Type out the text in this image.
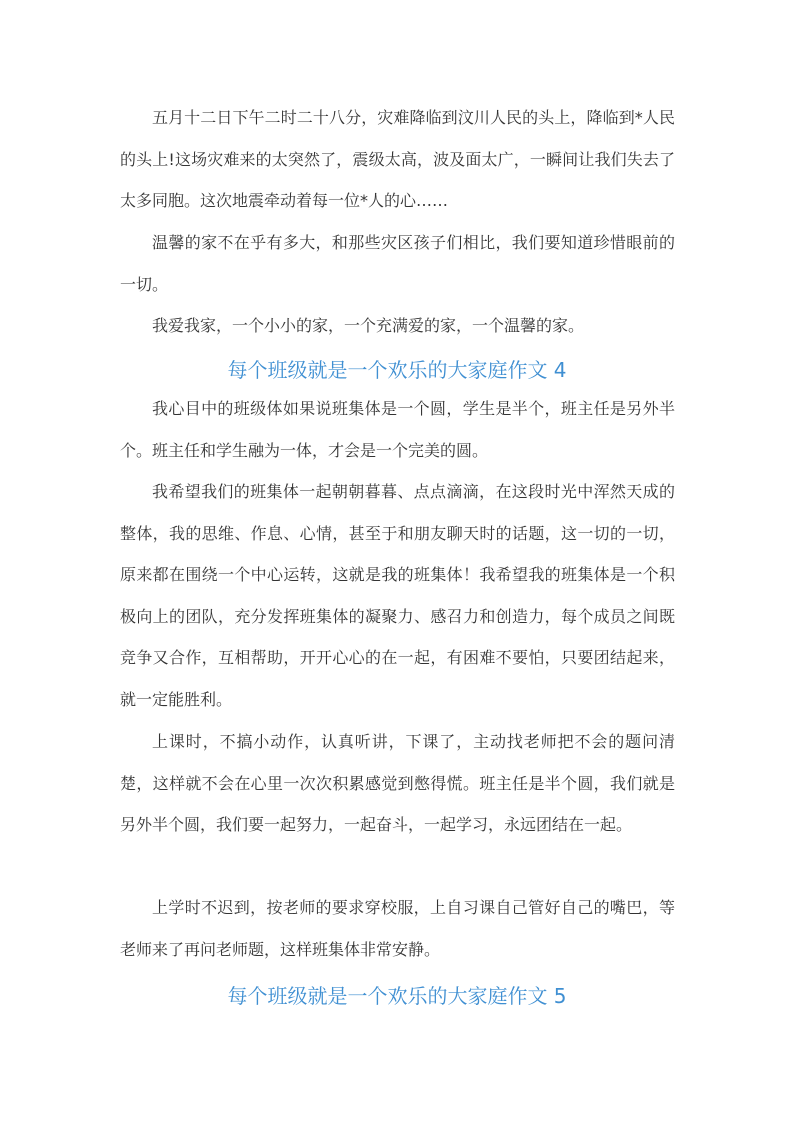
五月十二日下午二时二十八分，灾难降临到汶川人民的头上，降临到*人民的头上!这场灾难来的太突然了，震级太高，波及面太广，一瞬间让我们失去了太多同胞。这次地震牵动着每一位*人的心……

温馨的家不在乎有多大，和那些灾区孩子们相比，我们要知道珍惜眼前的一切。

我爱我家，一个小小的家，一个充满爱的家，一个温馨的家。

每个班级就是一个欢乐的大家庭作文 4

我心目中的班级体如果说班集体是一个圆，学生是半个，班主任是另外半个。班主任和学生融为一体，才会是一个完美的圆。

我希望我们的班集体一起朝朝暮暮、点点滴滴，在这段时光中浑然天成的整体，我的思维、作息、心情，甚至于和朋友聊天时的话题，这一切的一切，原来都在围绕一个中心运转，这就是我的班集体！我希望我的班集体是一个积极向上的团队，充分发挥班集体的凝聚力、感召力和创造力，每个成员之间既竞争又合作，互相帮助，开开心心的在一起，有困难不要怕，只要团结起来，就一定能胜利。

上课时，不搞小动作，认真听讲，下课了，主动找老师把不会的题问清楚，这样就不会在心里一次次积累感觉到憋得慌。班主任是半个圆，我们就是另外半个圆，我们要一起努力，一起奋斗，一起学习，永远团结在一起。

上学时不迟到，按老师的要求穿校服，上自习课自己管好自己的嘴巴，等老师来了再问老师题，这样班集体非常安静。

每个班级就是一个欢乐的大家庭作文 5
